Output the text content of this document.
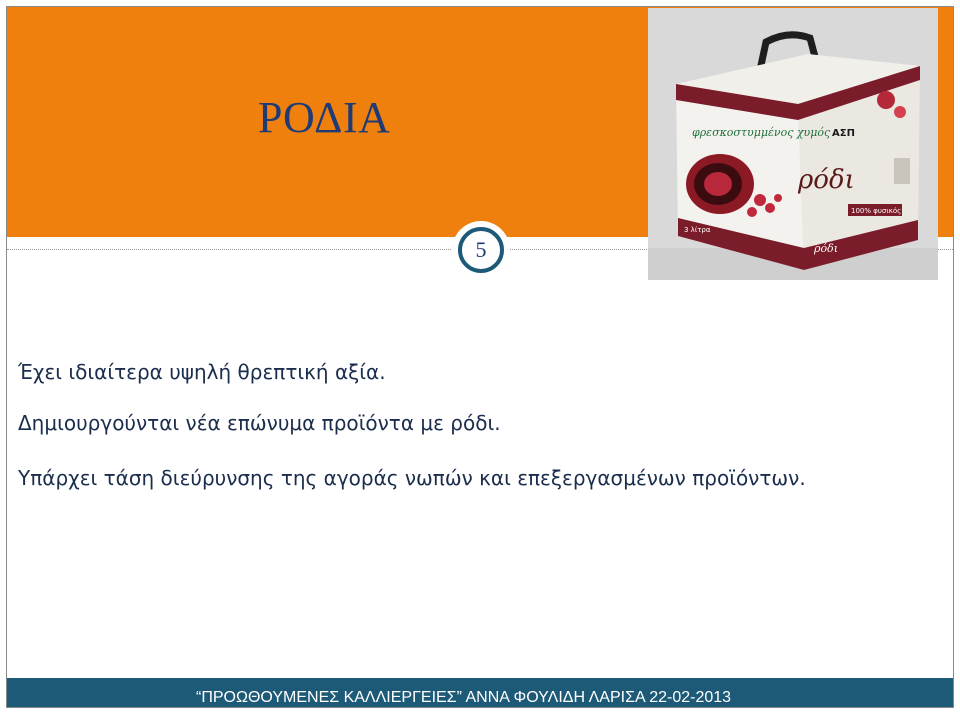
ΡΟΔΙΑ
5
φρεσκοστυμμένος χυμός
ρόδι
ΑΣΠ
100% φυσικός
3 λίτρα
ρόδι
Έχει ιδιαίτερα υψηλή θρεπτική αξία.
Δημιουργούνται νέα επώνυμα προϊόντα με ρόδι.
Υπάρχει τάση διεύρυνσης της αγοράς νωπών και επεξεργασμένων προϊόντων.
“ΠΡΟΩΘΟΥΜΕΝΕΣ ΚΑΛΛΙΕΡΓΕΙΕΣ” ΑΝΝΑ ΦΟΥΛΙΔΗ ΛΑΡΙΣΑ 22-02-2013
